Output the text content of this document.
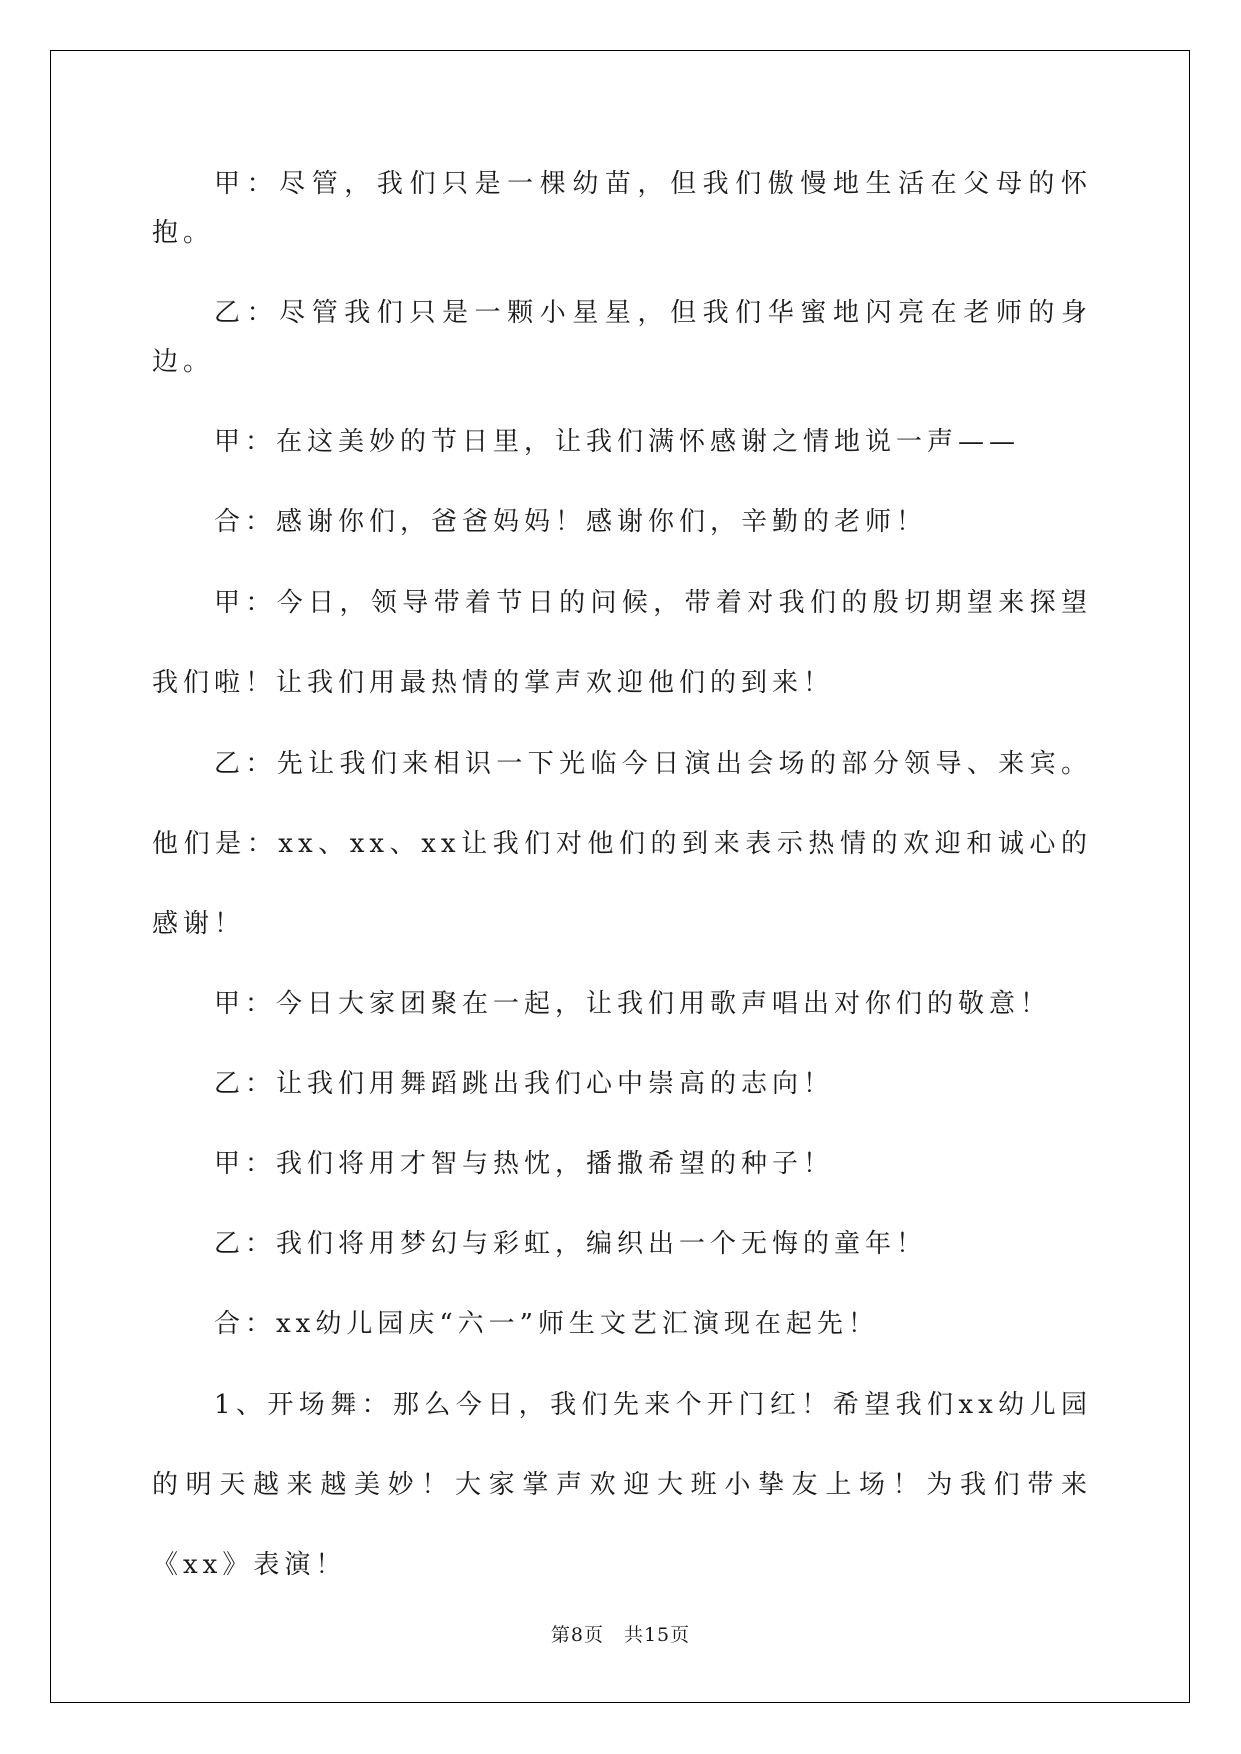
甲：尽管，我们只是一棵幼苗，但我们傲慢地生活在父母的怀抱。

乙：尽管我们只是一颗小星星，但我们华蜜地闪亮在老师的身边。

甲：在这美妙的节日里，让我们满怀感谢之情地说一声——

合：感谢你们，爸爸妈妈！感谢你们，辛勤的老师！

甲：今日，领导带着节日的问候，带着对我们的殷切期望来探望我们啦！让我们用最热情的掌声欢迎他们的到来！

乙：先让我们来相识一下光临今日演出会场的部分领导、来宾。他们是：xx、xx、xx让我们对他们的到来表示热情的欢迎和诚心的感谢！

甲：今日大家团聚在一起，让我们用歌声唱出对你们的敬意！

乙：让我们用舞蹈跳出我们心中崇高的志向！

甲：我们将用才智与热忱，播撒希望的种子！

乙：我们将用梦幻与彩虹，编织出一个无悔的童年！

合：xx幼儿园庆“六一”师生文艺汇演现在起先！

1、开场舞：那么今日，我们先来个开门红！希望我们xx幼儿园的明天越来越美妙！大家掌声欢迎大班小挚友上场！为我们带来《xx》表演！

第8页 共15页
